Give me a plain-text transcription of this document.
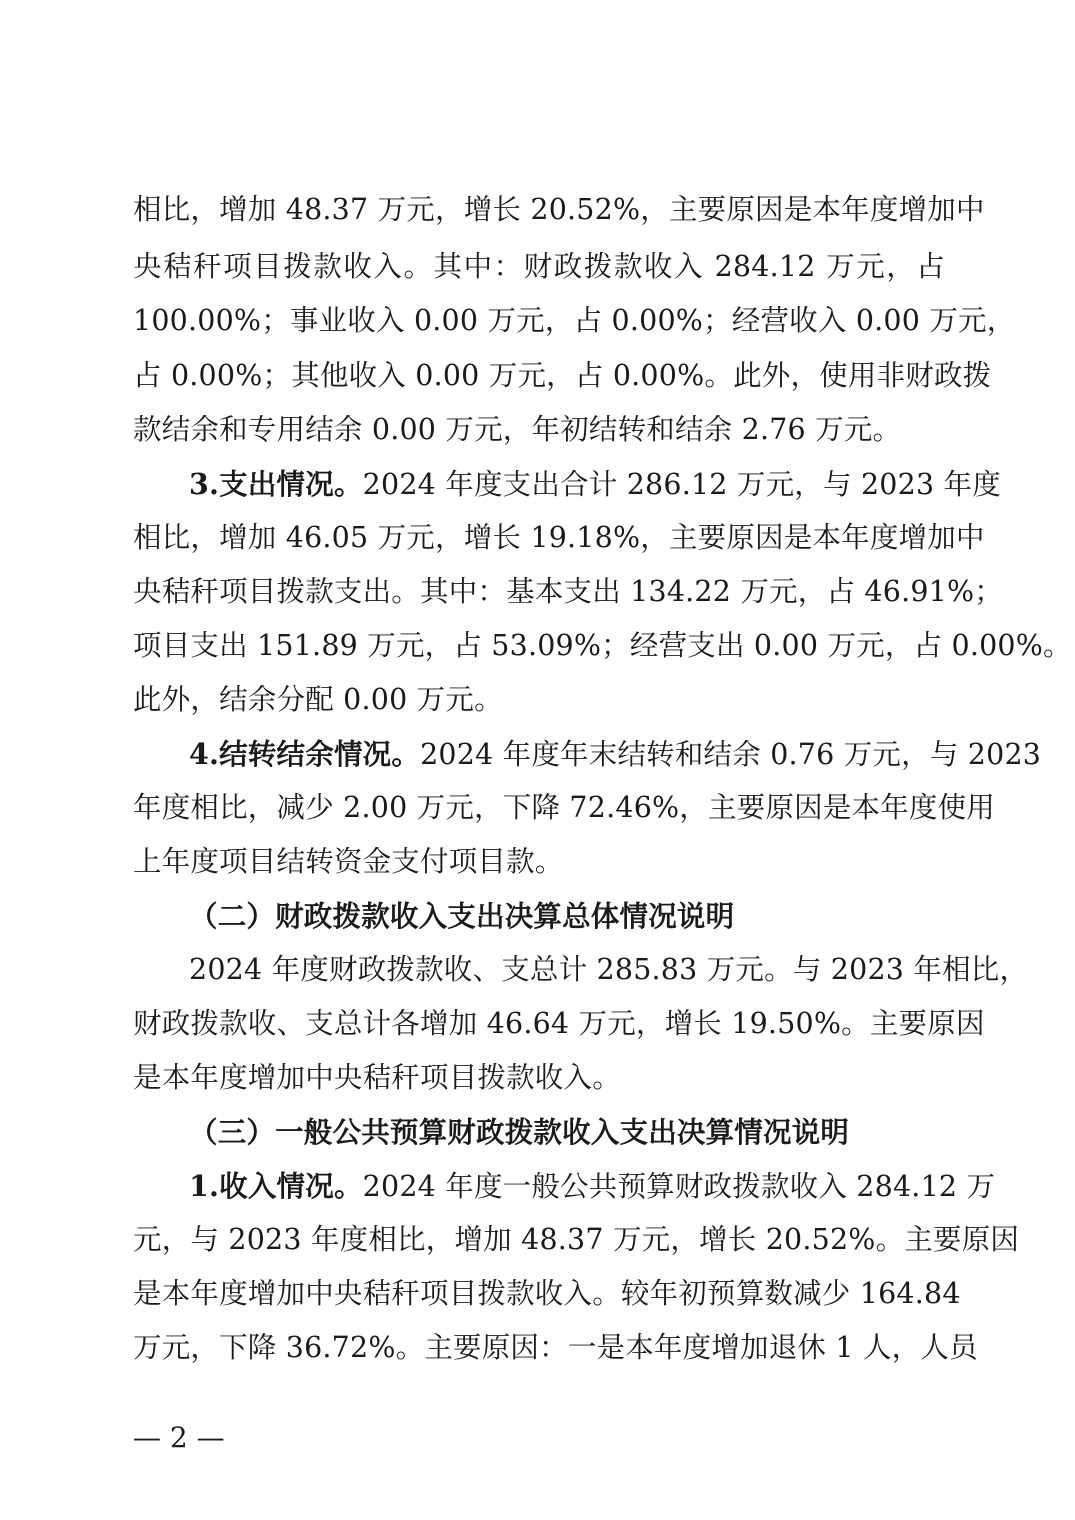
相比，增加 48.37 万元，增长 20.52%，主要原因是本年度增加中
央秸秆项目拨款收入。其中：财政拨款收入 284.12 万元，占
100.00%；事业收入 0.00 万元，占 0.00%；经营收入 0.00 万元，
占 0.00%；其他收入 0.00 万元，占 0.00%。此外，使用非财政拨
款结余和专用结余 0.00 万元，年初结转和结余 2.76 万元。
3.支出情况。2024 年度支出合计 286.12 万元，与 2023 年度
相比，增加 46.05 万元，增长 19.18%，主要原因是本年度增加中
央秸秆项目拨款支出。其中：基本支出 134.22 万元，占 46.91%；
项目支出 151.89 万元，占 53.09%；经营支出 0.00 万元，占 0.00%。
此外，结余分配 0.00 万元。
4.结转结余情况。2024 年度年末结转和结余 0.76 万元，与 2023
年度相比，减少 2.00 万元，下降 72.46%，主要原因是本年度使用
上年度项目结转资金支付项目款。
（二）财政拨款收入支出决算总体情况说明
2024 年度财政拨款收、支总计 285.83 万元。与 2023 年相比，
财政拨款收、支总计各增加 46.64 万元，增长 19.50%。主要原因
是本年度增加中央秸秆项目拨款收入。
（三）一般公共预算财政拨款收入支出决算情况说明
1.收入情况。2024 年度一般公共预算财政拨款收入 284.12 万
元，与 2023 年度相比，增加 48.37 万元，增长 20.52%。主要原因
是本年度增加中央秸秆项目拨款收入。较年初预算数减少 164.84
万元，下降 36.72%。主要原因：一是本年度增加退休 1 人，人员
— 2 —
